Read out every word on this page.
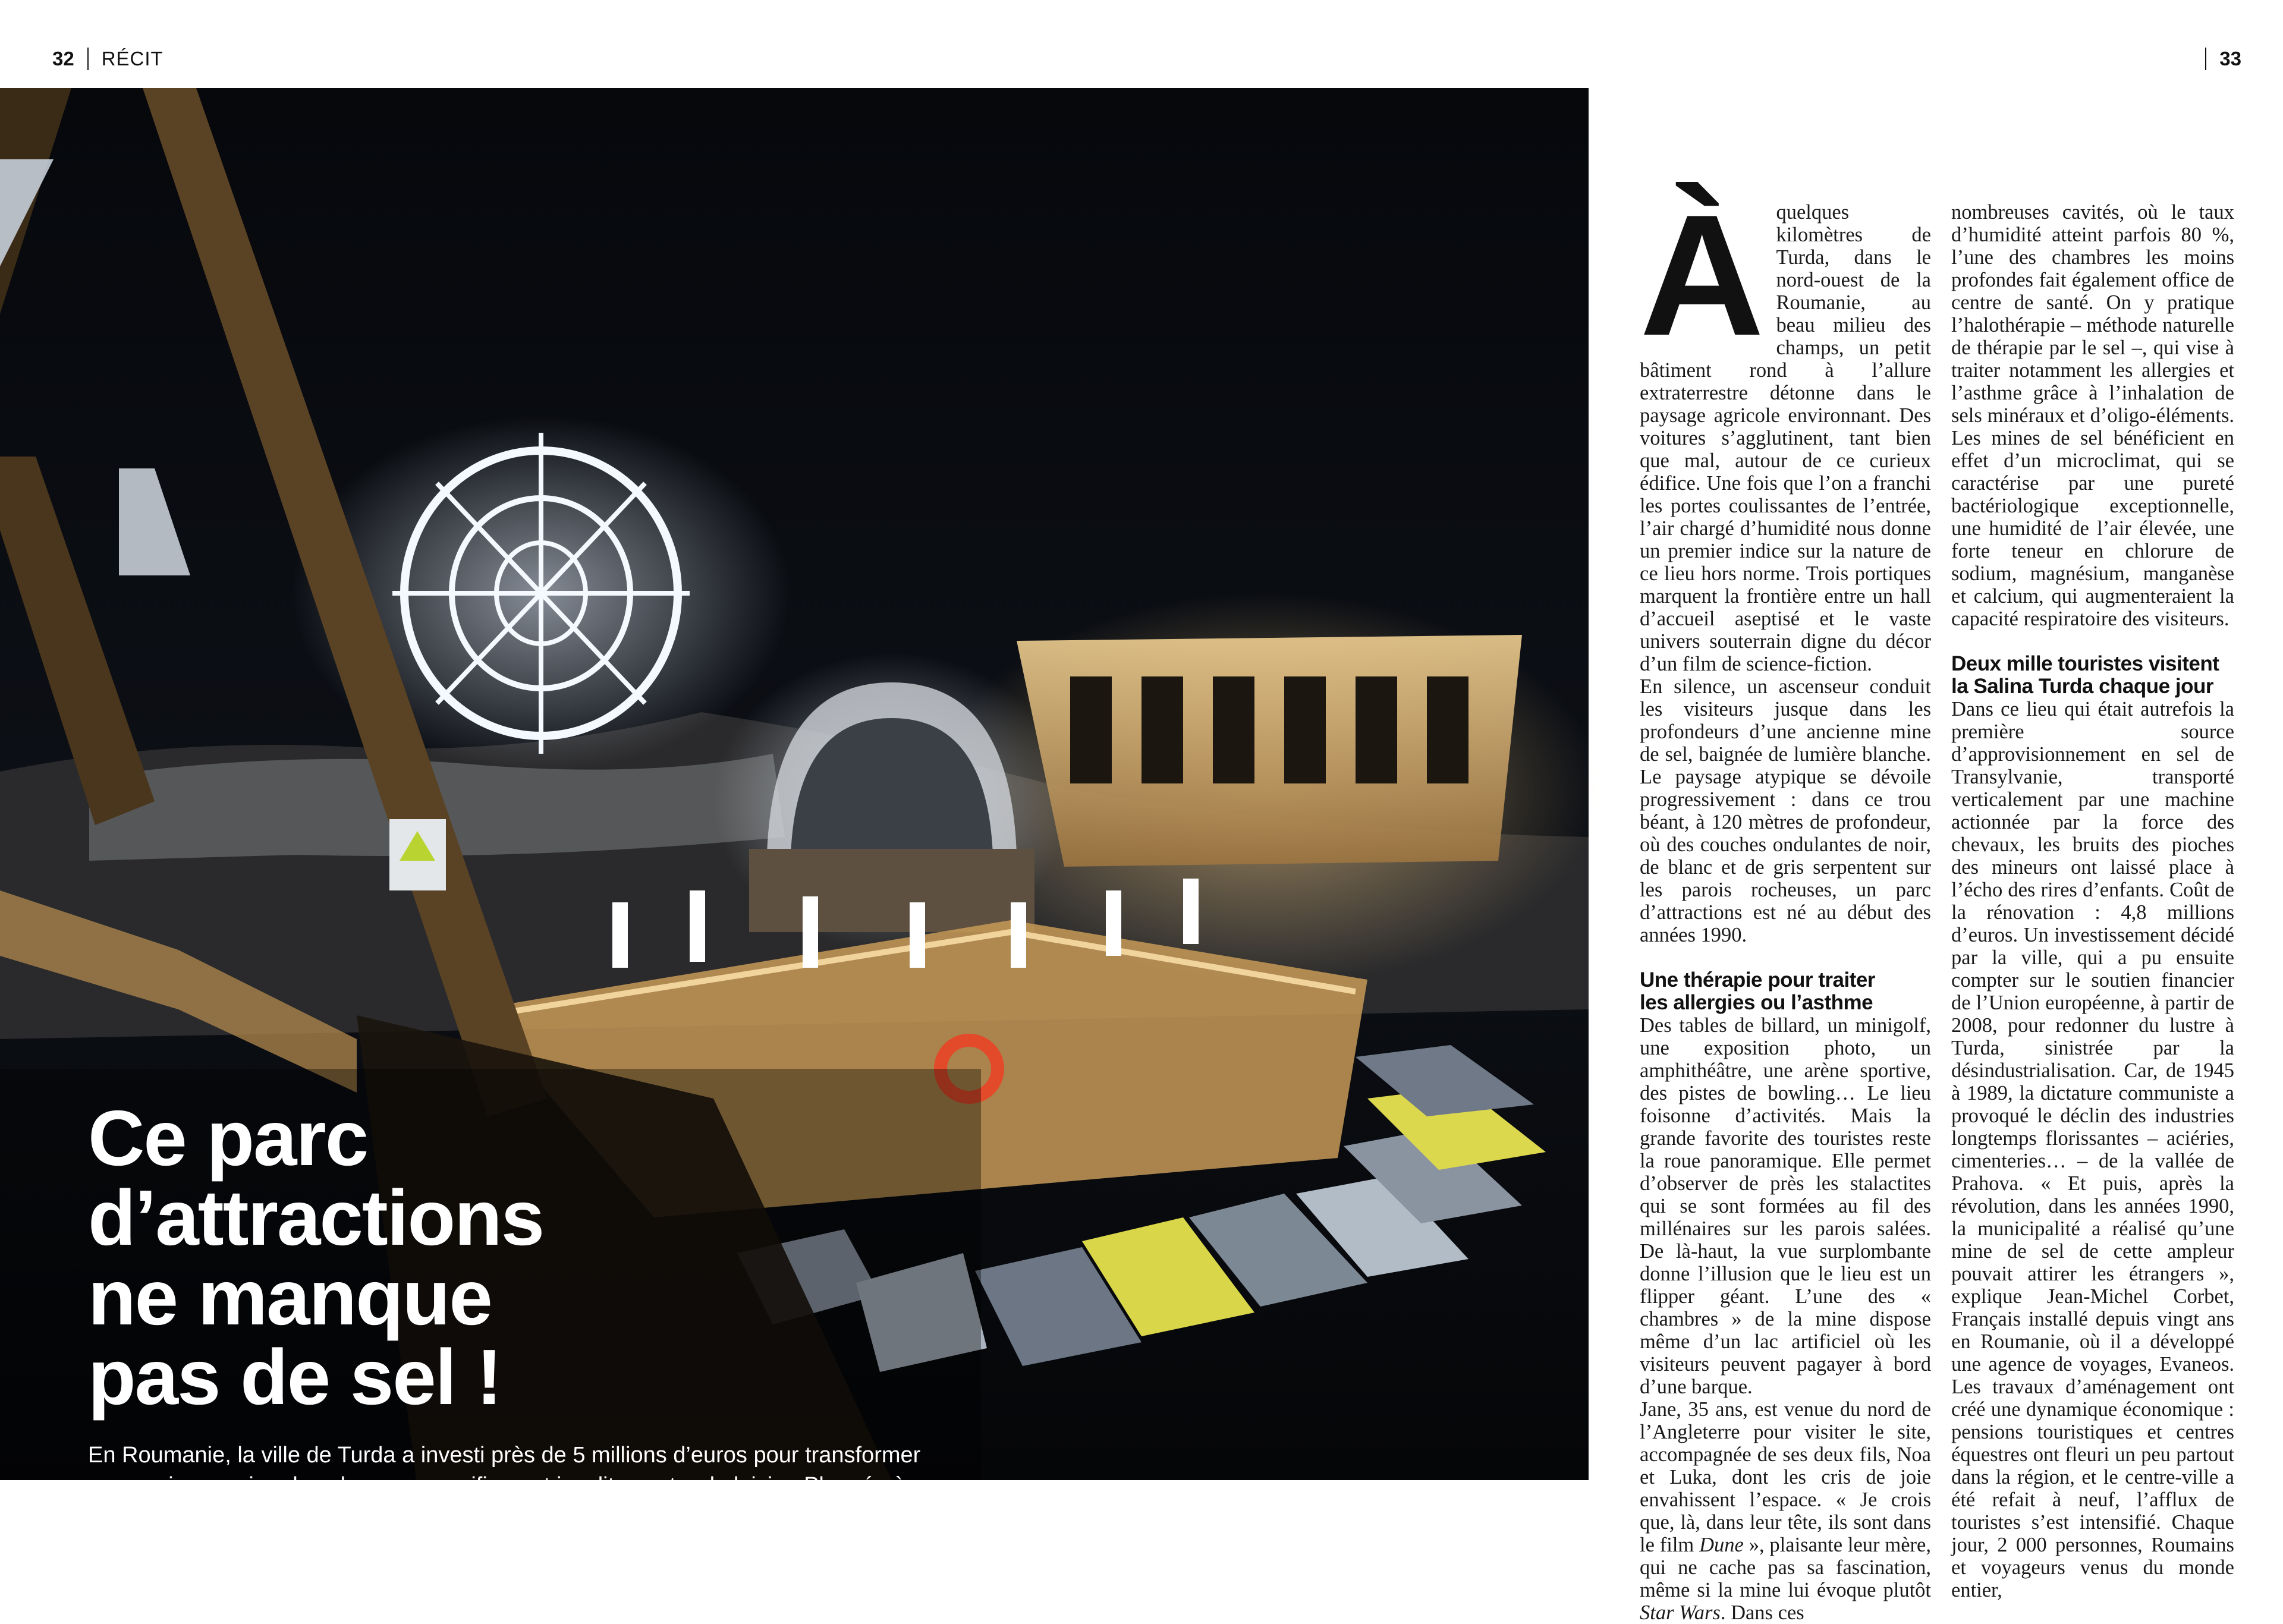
32 RÉCIT	33
Ce parc
d’attractions
ne manque
pas de sel !

En Roumanie, la ville de Turda a investi près de 5 millions d’euros pour transformer une ancienne mine de sel en un magnifique et insolite centre de loisirs. Plongée à 120 mètres sous terre, dans un décor digne de celui d’un film de science-fiction.

PAR VICTOIRE RADENNE, PHOTOS PAULINE GAUER.

Le pôle central
du parc d’attractions
est entouré
d’un lac artificiel.

À quelques kilomètres de Turda, dans le nord-ouest de la Roumanie, au beau milieu des champs, un petit bâtiment rond à l’allure extraterrestre détonne dans le paysage agricole environnant. Des voitures s’agglutinent, tant bien que mal, autour de ce curieux édifice. Une fois que l’on a franchi les portes coulissantes de l’entrée, l’air chargé d’humidité nous donne un premier indice sur la nature de ce lieu hors norme. Trois portiques marquent la frontière entre un hall d’accueil aseptisé et le vaste univers souterrain digne du décor d’un film de science-fiction.

En silence, un ascenseur conduit les visiteurs jusque dans les profondeurs d’une ancienne mine de sel, baignée de lumière blanche. Le paysage atypique se dévoile progressivement : dans ce trou béant, à 120 mètres de profondeur, où des couches ondulantes de noir, de blanc et de gris serpentent sur les parois rocheuses, un parc d’attractions est né au début des années 1990.

Une thérapie pour traiter
les allergies ou l’asthme

Des tables de billard, un minigolf, une exposition photo, un amphithéâtre, une arène sportive, des pistes de bowling… Le lieu foisonne d’activités. Mais la grande favorite des touristes reste la roue panoramique. Elle permet d’observer de près les stalactites qui se sont formées au fil des millénaires sur les parois salées. De là-haut, la vue surplombante donne l’illusion que le lieu est un flipper géant. L’une des « chambres » de la mine dispose même d’un lac artificiel où les visiteurs peuvent pagayer à bord d’une barque.

Jane, 35 ans, est venue du nord de l’Angleterre pour visiter le site, accompagnée de ses deux fils, Noa et Luka, dont les cris de joie envahissent l’espace. « Je crois que, là, dans leur tête, ils sont dans le film Dune », plaisante leur mère, qui ne cache pas sa fascination, même si la mine lui évoque plutôt Star Wars. Dans ces

nombreuses cavités, où le taux d’humidité atteint parfois 80 %, l’une des chambres les moins profondes fait également office de centre de santé. On y pratique l’halothérapie – méthode naturelle de thérapie par le sel –, qui vise à traiter notamment les allergies et l’asthme grâce à l’inhalation de sels minéraux et d’oligo-éléments. Les mines de sel bénéficient en effet d’un microclimat, qui se caractérise par une pureté bactériologique exceptionnelle, une humidité de l’air élevée, une forte teneur en chlorure de sodium, magnésium, manganèse et calcium, qui augmenteraient la capacité respiratoire des visiteurs.

Deux mille touristes visitent
la Salina Turda chaque jour

Dans ce lieu qui était autrefois la première source d’approvisionnement en sel de Transylvanie, transporté verticalement par une machine actionnée par la force des chevaux, les bruits des pioches des mineurs ont laissé place à l’écho des rires d’enfants. Coût de la rénovation : 4,8 millions d’euros. Un investissement décidé par la ville, qui a pu ensuite compter sur le soutien financier de l’Union européenne, à partir de 2008, pour redonner du lustre à Turda, sinistrée par la désindustrialisation. Car, de 1945 à 1989, la dictature communiste a provoqué le déclin des industries longtemps florissantes – aciéries, cimenteries… – de la vallée de Prahova. « Et puis, après la révolution, dans les années 1990, la municipalité a réalisé qu’une mine de sel de cette ampleur pouvait attirer les étrangers », explique Jean-Michel Corbet, Français installé depuis vingt ans en Roumanie, où il a développé une agence de voyages, Evaneos. Les travaux d’aménagement ont créé une dynamique économique : pensions touristiques et centres équestres ont fleuri un peu partout dans la région, et le centre-ville a été refait à neuf, l’afflux de touristes s’est intensifié. Chaque jour, 2 000 personnes, Roumains et voyageurs venus du monde entier,
